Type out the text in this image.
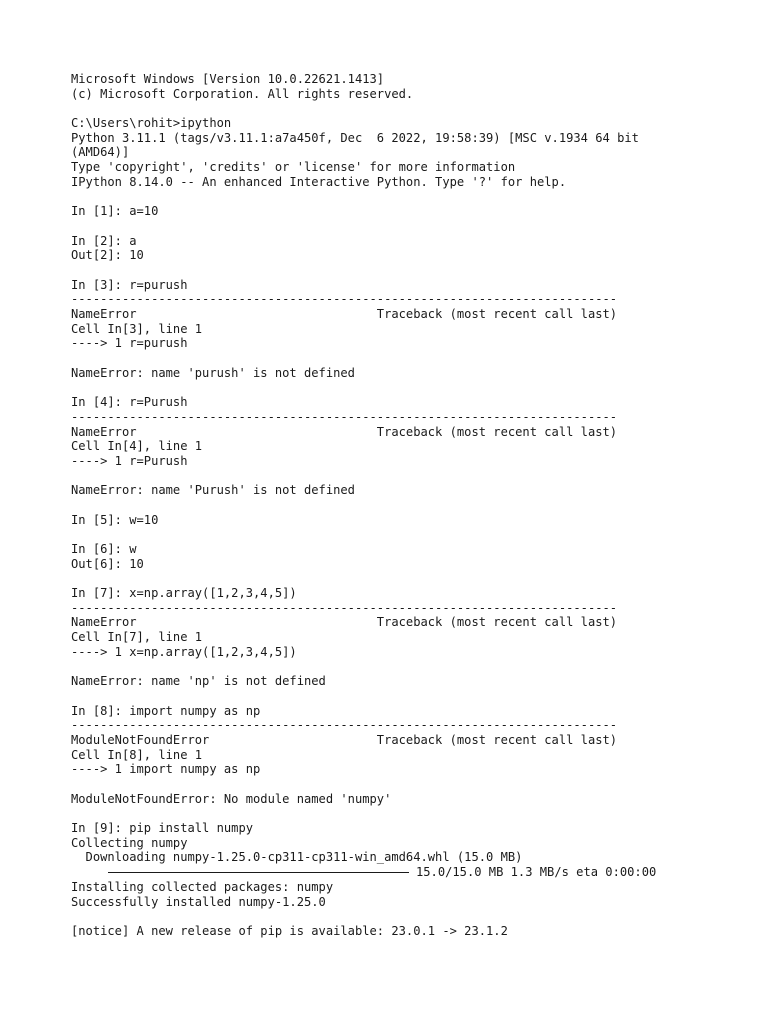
Microsoft Windows [Version 10.0.22621.1413]
(c) Microsoft Corporation. All rights reserved.
C:\Users\rohit>ipython
Python 3.11.1 (tags/v3.11.1:a7a450f, Dec  6 2022, 19:58:39) [MSC v.1934 64 bit
(AMD64)]
Type 'copyright', 'credits' or 'license' for more information
IPython 8.14.0 -- An enhanced Interactive Python. Type '?' for help.
In [1]: a=10
In [2]: a
Out[2]: 10
In [3]: r=purush
---------------------------------------------------------------------------
NameError                                 Traceback (most recent call last)
Cell In[3], line 1
----> 1 r=purush
NameError: name 'purush' is not defined
In [4]: r=Purush
---------------------------------------------------------------------------
NameError                                 Traceback (most recent call last)
Cell In[4], line 1
----> 1 r=Purush
NameError: name 'Purush' is not defined
In [5]: w=10
In [6]: w
Out[6]: 10
In [7]: x=np.array([1,2,3,4,5])
---------------------------------------------------------------------------
NameError                                 Traceback (most recent call last)
Cell In[7], line 1
----> 1 x=np.array([1,2,3,4,5])
NameError: name 'np' is not defined
In [8]: import numpy as np
---------------------------------------------------------------------------
ModuleNotFoundError                       Traceback (most recent call last)
Cell In[8], line 1
----> 1 import numpy as np
ModuleNotFoundError: No module named 'numpy'
In [9]: pip install numpy
Collecting numpy
Downloading numpy-1.25.0-cp311-cp311-win_amd64.whl (15.0 MB)

15.0/15.0 MB 1.3 MB/s eta 0:00:00

Installing collected packages: numpy
Successfully installed numpy-1.25.0
[notice] A new release of pip is available: 23.0.1 -> 23.1.2
